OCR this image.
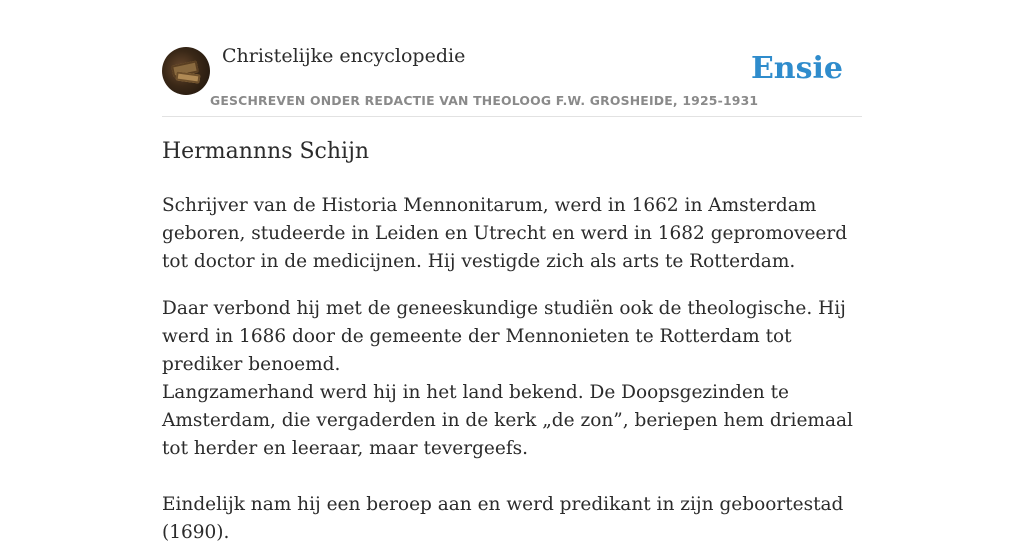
Christelijke encyclopedie
GESCHREVEN ONDER REDACTIE VAN THEOLOOG F.W. GROSHEIDE, 1925-1931
Ensie
Hermannns Schijn

Schrijver van de Historia Mennonitarum, werd in 1662 in Amsterdam geboren, studeerde in Leiden en Utrecht en werd in 1682 gepromoveerd tot doctor in de medicijnen. Hij vestigde zich als arts te Rotterdam.

Daar verbond hij met de geneeskundige studiën ook de theologische. Hij werd in 1686 door de gemeente der Mennonieten te Rotterdam tot prediker benoemd.

Langzamerhand werd hij in het land bekend. De Doopsgezinden te Amsterdam, die vergaderden in de kerk „de zon”, beriepen hem driemaal tot herder en leeraar, maar tevergeefs.

Eindelijk nam hij een beroep aan en werd predikant in zijn geboortestad (1690).
